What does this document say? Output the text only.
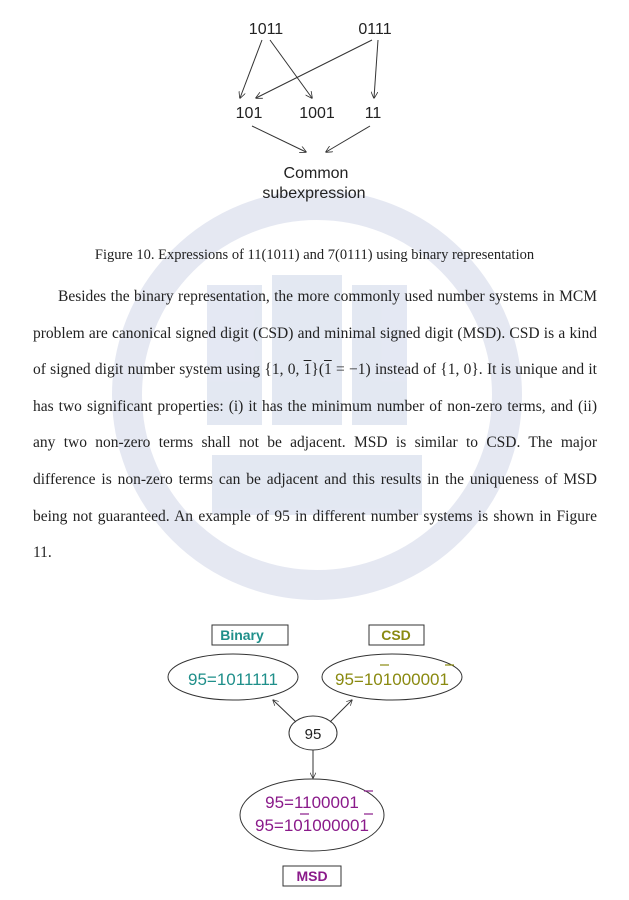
1011	0111
101 1001 11
Common
subexpression
Figure 10. Expressions of 11(1011) and 7(0111) using binary representation
Besides the binary representation, the more commonly used number systems in MCM problem are canonical signed digit (CSD) and minimal signed digit (MSD). CSD is a kind of signed digit number system using {1, 0, 1}(1 = −1) instead of {1, 0}. It is unique and it has two significant properties: (i) it has the minimum number of non-zero terms, and (ii) any two non-zero terms shall not be adjacent. MSD is similar to CSD. The major difference is non-zero terms can be adjacent and this results in the uniqueness of MSD being not guaranteed. An example of 95 in different number systems is shown in Figure 11.
Binary	CSD
95=1011111	95=101000001
95
95=1100001
95=101000001
MSD
